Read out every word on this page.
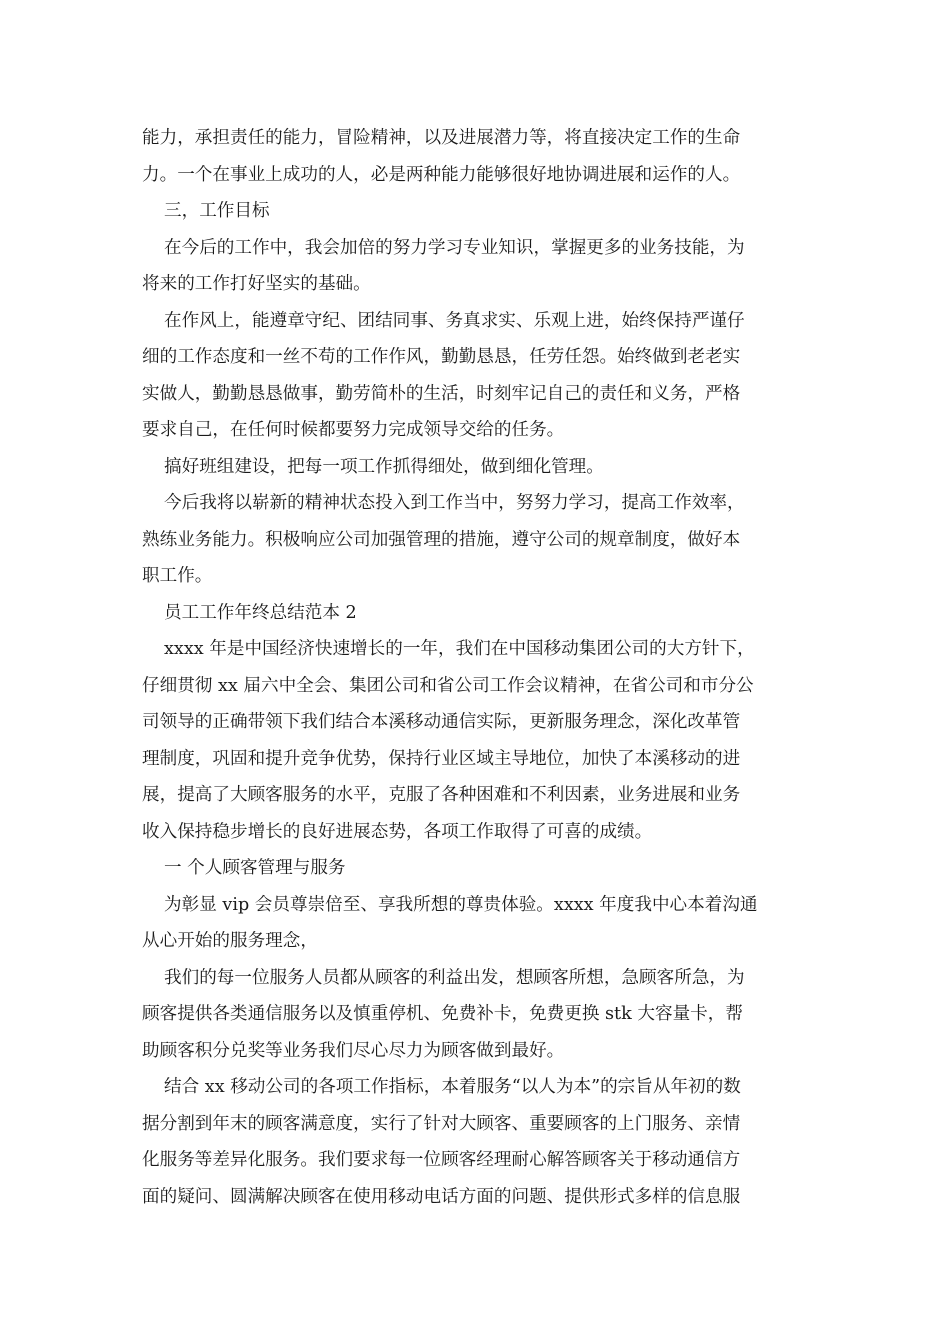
能力，承担责任的能力，冒险精神，以及进展潜力等，将直接决定工作的生命
力。一个在事业上成功的人，必是两种能力能够很好地协调进展和运作的人。
三，工作目标
在今后的工作中，我会加倍的努力学习专业知识，掌握更多的业务技能，为
将来的工作打好坚实的基础。
在作风上，能遵章守纪、团结同事、务真求实、乐观上进，始终保持严谨仔
细的工作态度和一丝不苟的工作作风，勤勤恳恳，任劳任怨。始终做到老老实
实做人，勤勤恳恳做事，勤劳简朴的生活，时刻牢记自己的责任和义务，严格
要求自己，在任何时候都要努力完成领导交给的任务。
搞好班组建设，把每一项工作抓得细处，做到细化管理。
今后我将以崭新的精神状态投入到工作当中，努努力学习，提高工作效率，
熟练业务能力。积极响应公司加强管理的措施，遵守公司的规章制度，做好本
职工作。
员工工作年终总结范本 2
xxxx 年是中国经济快速增长的一年，我们在中国移动集团公司的大方针下，
仔细贯彻 xx 届六中全会、集团公司和省公司工作会议精神，在省公司和市分公
司领导的正确带领下我们结合本溪移动通信实际，更新服务理念，深化改革管
理制度，巩固和提升竞争优势，保持行业区域主导地位，加快了本溪移动的进
展，提高了大顾客服务的水平，克服了各种困难和不利因素，业务进展和业务
收入保持稳步增长的良好进展态势，各项工作取得了可喜的成绩。
一 个人顾客管理与服务
为彰显 vip 会员尊崇倍至、享我所想的尊贵体验。xxxx 年度我中心本着沟通
从心开始的服务理念，
我们的每一位服务人员都从顾客的利益出发，想顾客所想，急顾客所急，为
顾客提供各类通信服务以及慎重停机、免费补卡，免费更换 stk 大容量卡，帮
助顾客积分兑奖等业务我们尽心尽力为顾客做到最好。
结合 xx 移动公司的各项工作指标，本着服务“以人为本”的宗旨从年初的数
据分割到年末的顾客满意度，实行了针对大顾客、重要顾客的上门服务、亲情
化服务等差异化服务。我们要求每一位顾客经理耐心解答顾客关于移动通信方
面的疑问、圆满解决顾客在使用移动电话方面的问题、提供形式多样的信息服
